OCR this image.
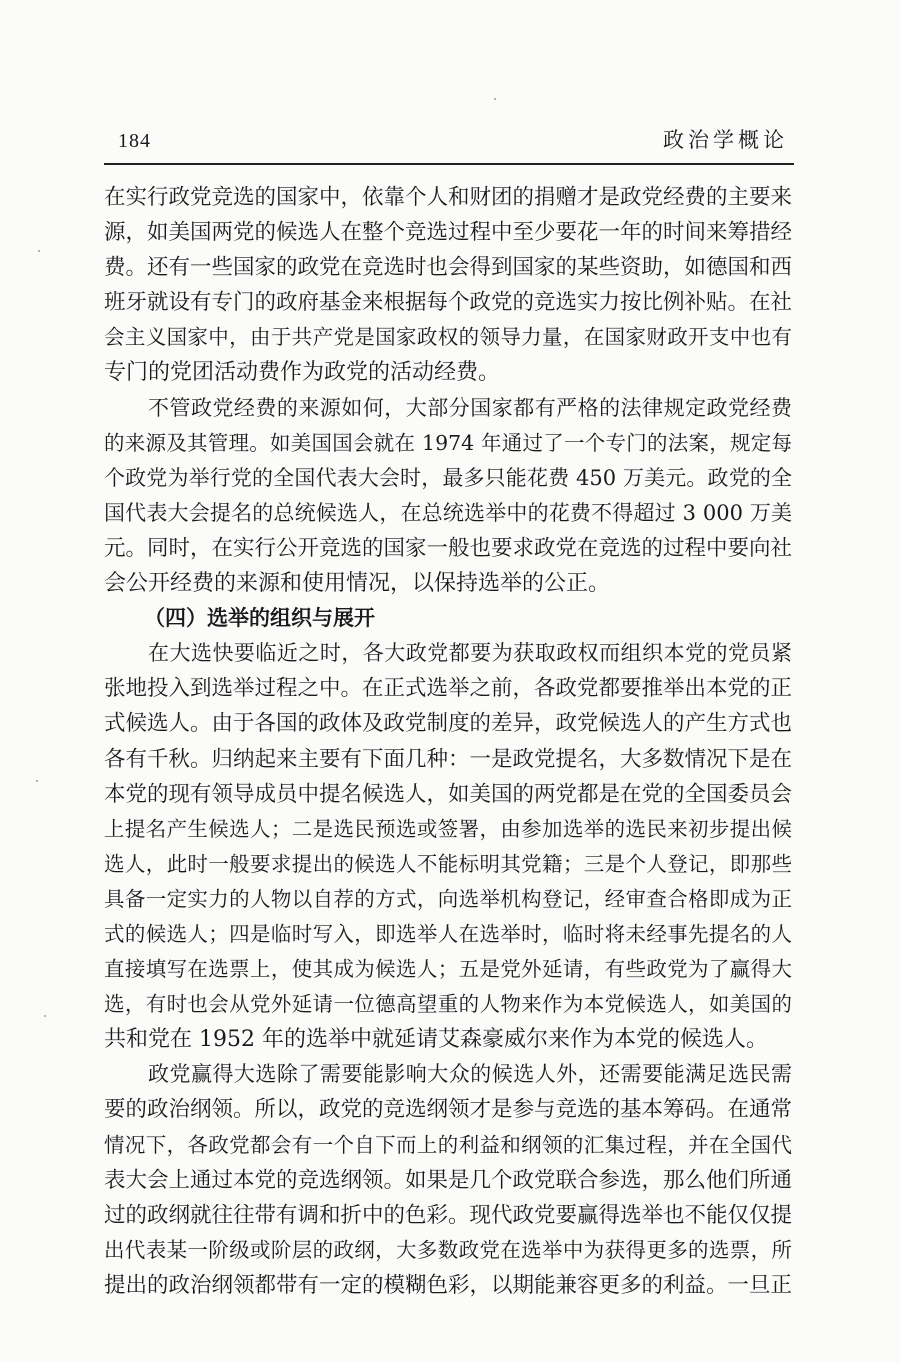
184	政治学概论
在实行政党竞选的国家中，依靠个人和财团的捐赠才是政党经费的主要来
源，如美国两党的候选人在整个竞选过程中至少要花一年的时间来筹措经
费。还有一些国家的政党在竞选时也会得到国家的某些资助，如德国和西
班牙就设有专门的政府基金来根据每个政党的竞选实力按比例补贴。在社
会主义国家中，由于共产党是国家政权的领导力量，在国家财政开支中也有
专门的党团活动费作为政党的活动经费。
不管政党经费的来源如何，大部分国家都有严格的法律规定政党经费
的来源及其管理。如美国国会就在 1974 年通过了一个专门的法案，规定每
个政党为举行党的全国代表大会时，最多只能花费 450 万美元。政党的全
国代表大会提名的总统候选人，在总统选举中的花费不得超过 3 000 万美
元。同时，在实行公开竞选的国家一般也要求政党在竞选的过程中要向社
会公开经费的来源和使用情况，以保持选举的公正。
（四）选举的组织与展开
在大选快要临近之时，各大政党都要为获取政权而组织本党的党员紧
张地投入到选举过程之中。在正式选举之前，各政党都要推举出本党的正
式候选人。由于各国的政体及政党制度的差异，政党候选人的产生方式也
各有千秋。归纳起来主要有下面几种：一是政党提名，大多数情况下是在
本党的现有领导成员中提名候选人，如美国的两党都是在党的全国委员会
上提名产生候选人；二是选民预选或签署，由参加选举的选民来初步提出候
选人，此时一般要求提出的候选人不能标明其党籍；三是个人登记，即那些
具备一定实力的人物以自荐的方式，向选举机构登记，经审查合格即成为正
式的候选人；四是临时写入，即选举人在选举时，临时将未经事先提名的人
直接填写在选票上，使其成为候选人；五是党外延请，有些政党为了赢得大
选，有时也会从党外延请一位德高望重的人物来作为本党候选人，如美国的
共和党在 1952 年的选举中就延请艾森豪威尔来作为本党的候选人。
政党赢得大选除了需要能影响大众的候选人外，还需要能满足选民需
要的政治纲领。所以，政党的竞选纲领才是参与竞选的基本筹码。在通常
情况下，各政党都会有一个自下而上的利益和纲领的汇集过程，并在全国代
表大会上通过本党的竞选纲领。如果是几个政党联合参选，那么他们所通
过的政纲就往往带有调和折中的色彩。现代政党要赢得选举也不能仅仅提
出代表某一阶级或阶层的政纲，大多数政党在选举中为获得更多的选票，所
提出的政治纲领都带有一定的模糊色彩，以期能兼容更多的利益。一旦正
